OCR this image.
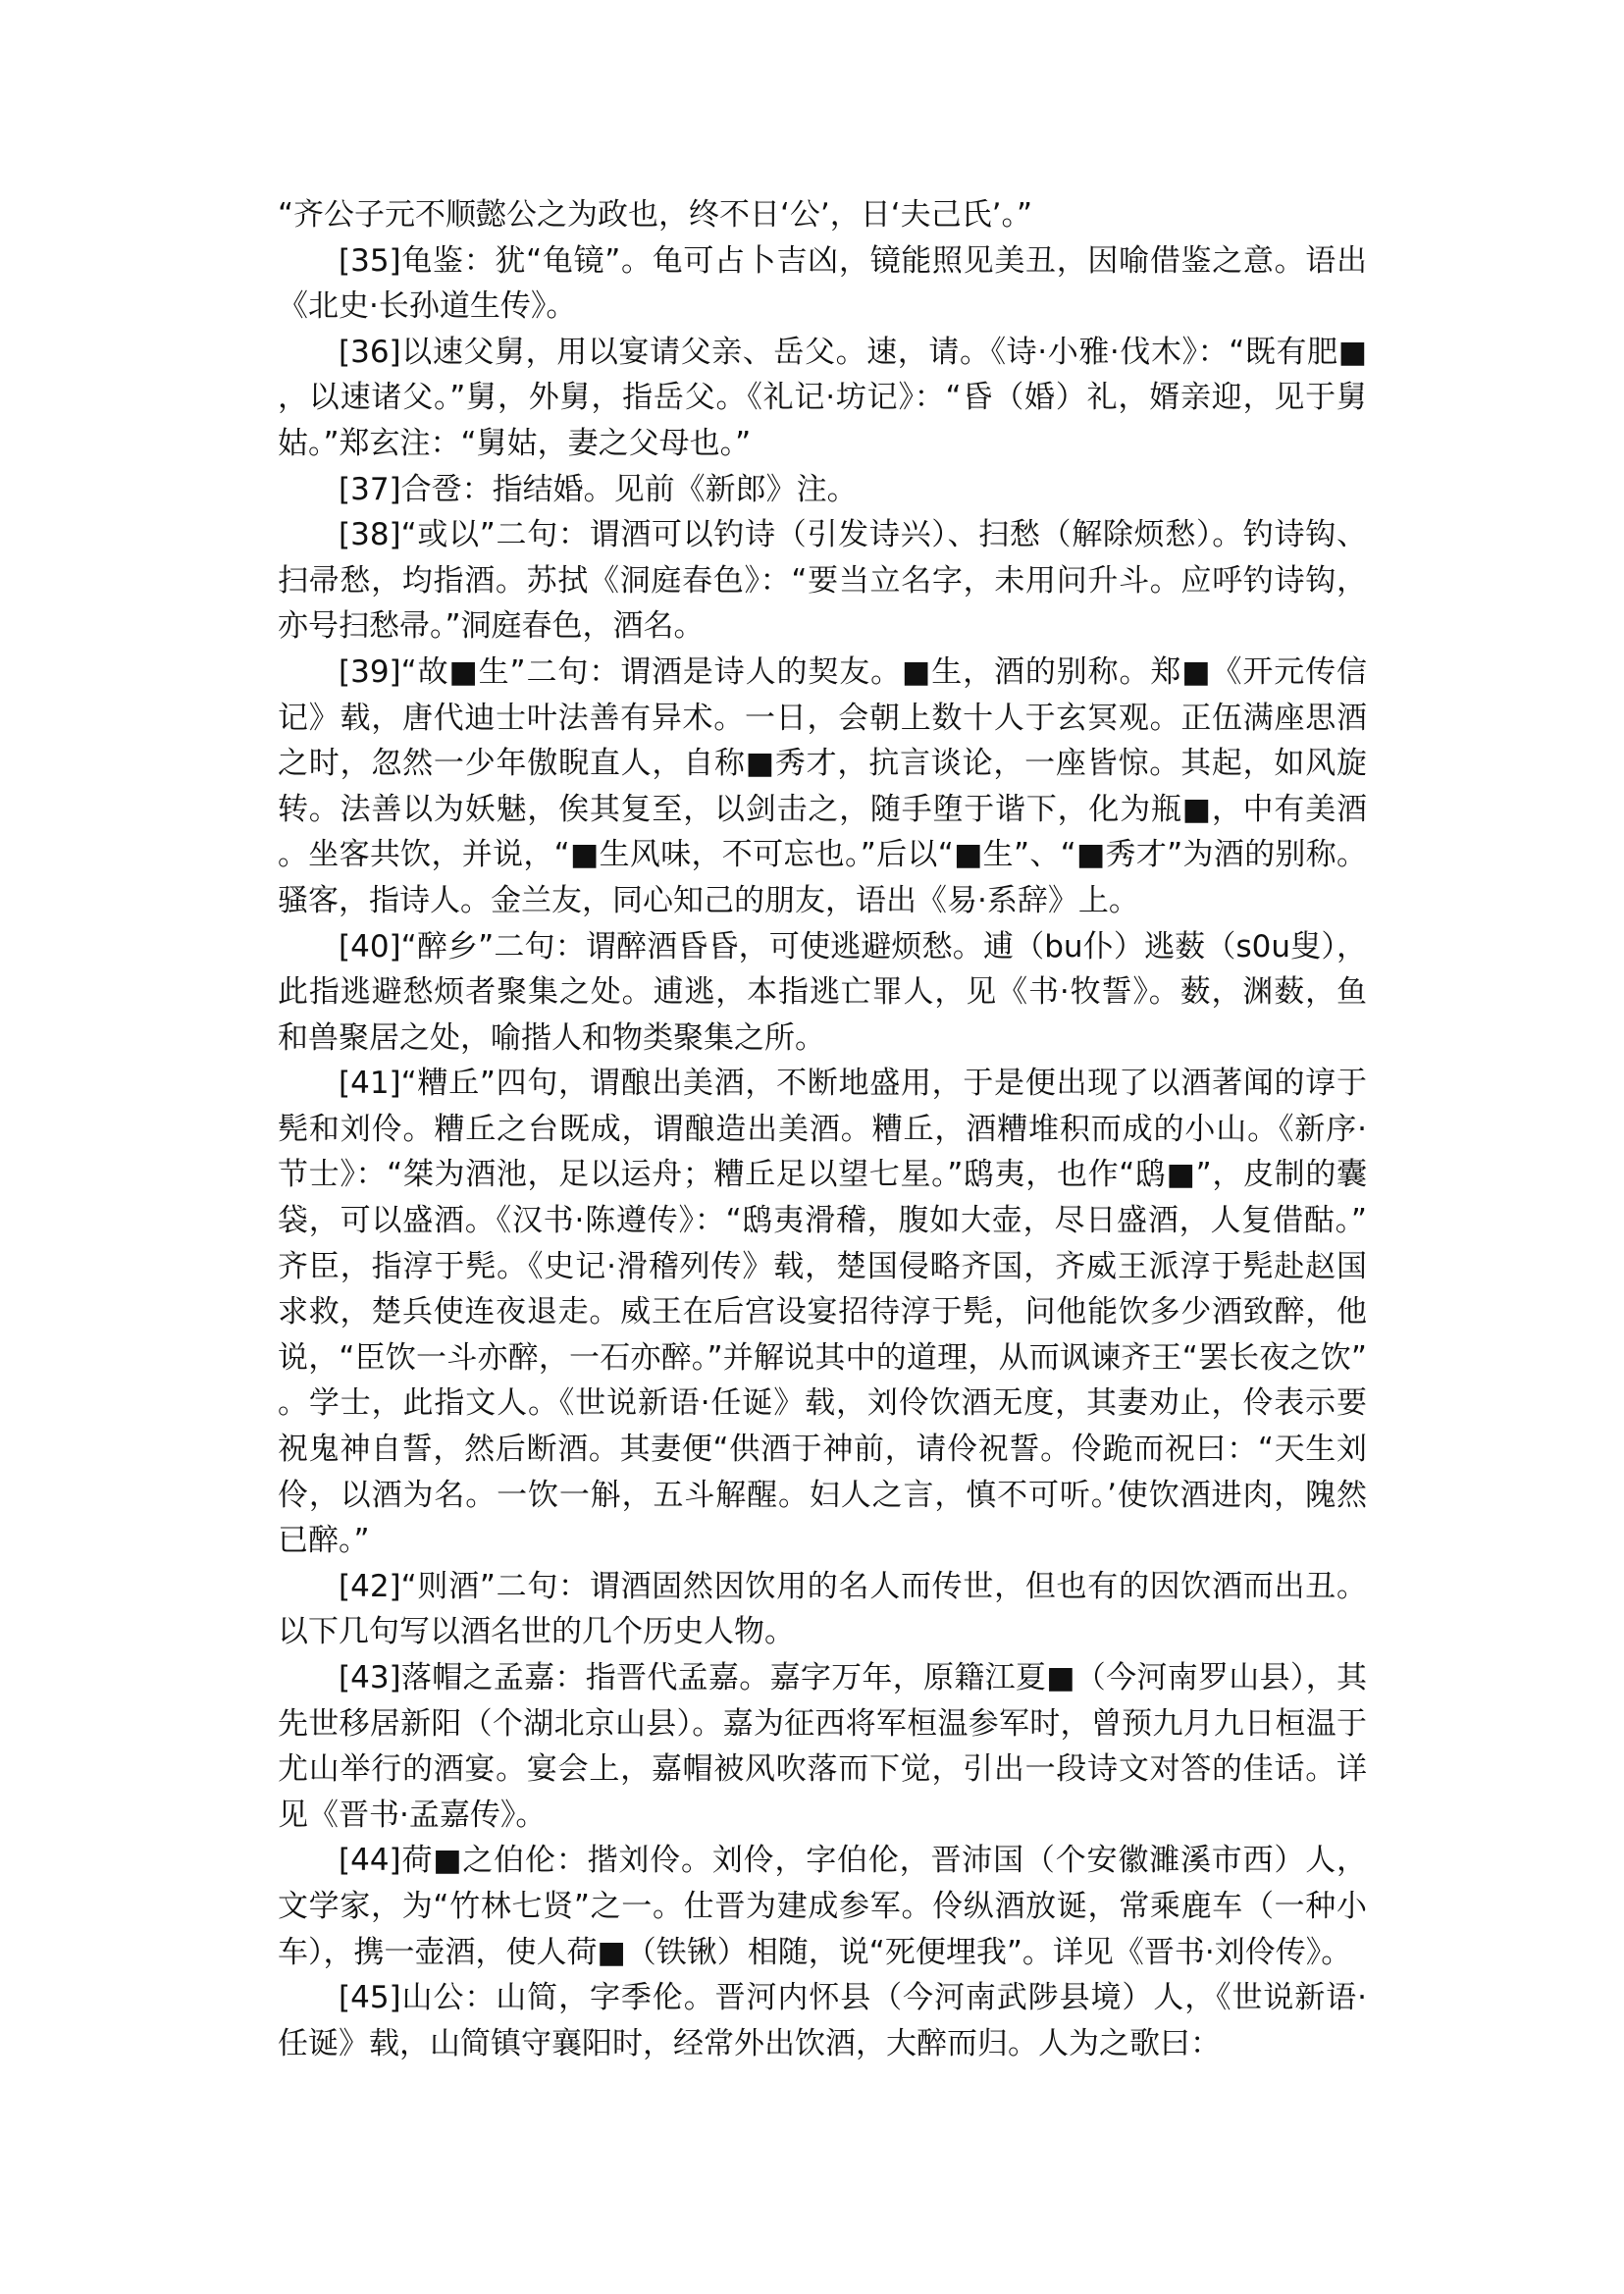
“齐公子元不顺懿公之为政也，终不日‘公’，日‘夫己氏’。”

[35]龟鉴：犹“龟镜”。龟可占卜吉凶，镜能照见美丑，因喻借鉴之意。语出《北史·长孙道生传》。

[36]以速父舅，用以宴请父亲、岳父。速，请。《诗·小雅·伐木》：“既有肥■，以速诸父。”舅，外舅，指岳父。《礼记·坊记》：“昏（婚）礼，婿亲迎，见于舅姑。”郑玄注：“舅姑，妻之父母也。”

[37]合卺：指结婚。见前《新郎》注。

[38]“或以”二句：谓酒可以钓诗（引发诗兴）、扫愁（解除烦愁）。钓诗钩、扫帚愁，均指酒。苏拭《洞庭春色》：“要当立名字，未用问升斗。应呼钓诗钩，亦号扫愁帚。”洞庭春色，酒名。

[39]“故■生”二句：谓酒是诗人的契友。■生，酒的别称。郑■《开元传信记》载，唐代迪士叶法善有异术。一日，会朝上数十人于玄冥观。正伍满座思酒之时，忽然一少年傲睨直人，自称■秀才，抗言谈论，一座皆惊。其起，如风旋转。法善以为妖魅，俟其复至，以剑击之，随手堕于谐下，化为瓶■，中有美酒。坐客共饮，并说，“■生风味，不可忘也。”后以“■生”、“■秀才”为酒的别称。骚客，指诗人。金兰友，同心知己的朋友，语出《易·系辞》上。

[40]“醉乡”二句：谓醉酒昏昏，可使逃避烦愁。逋（bu仆）逃薮（s0u叟），此指逃避愁烦者聚集之处。逋逃，本指逃亡罪人，见《书·牧誓》。薮，渊薮，鱼和兽聚居之处，喻揩人和物类聚集之所。

[41]“糟丘”四句，谓酿出美酒，不断地盛用，于是便出现了以酒著闻的谆于髡和刘伶。糟丘之台既成，谓酿造出美酒。糟丘，酒糟堆积而成的小山。《新序·节士》：“桀为酒池，足以运舟；糟丘足以望七星。”鸱夷，也作“鸱■”，皮制的囊袋，可以盛酒。《汉书·陈遵传》：“鸱夷滑稽，腹如大壶，尽日盛酒，人复借酤。”齐臣，指淳于髡。《史记·滑稽列传》载，楚国侵略齐国，齐威王派淳于髡赴赵国求救，楚兵使连夜退走。威王在后宫设宴招待淳于髡，问他能饮多少酒致醉，他说，“臣饮一斗亦醉，一石亦醉。”并解说其中的道理，从而讽谏齐王“罢长夜之饮”。学士，此指文人。《世说新语·任诞》载，刘伶饮酒无度，其妻劝止，伶表示要祝鬼神自誓，然后断酒。其妻便“供酒于神前，请伶祝誓。伶跪而祝曰：“天生刘伶，以酒为名。一饮一斛，五斗解醒。妇人之言，慎不可听。’使饮酒进肉，隗然已醉。”

[42]“则酒”二句：谓酒固然因饮用的名人而传世，但也有的因饮酒而出丑。以下几句写以酒名世的几个历史人物。

[43]落帽之孟嘉：指晋代孟嘉。嘉字万年，原籍江夏■（今河南罗山县），其先世移居新阳（个湖北京山县）。嘉为征西将军桓温参军时，曾预九月九日桓温于尤山举行的酒宴。宴会上，嘉帽被风吹落而下觉，引出一段诗文对答的佳话。详见《晋书·孟嘉传》。

[44]荷■之伯伦：揩刘伶。刘伶，字伯伦，晋沛国（个安徽濉溪市西）人，文学家，为“竹林七贤”之一。仕晋为建成参军。伶纵酒放诞，常乘鹿车（一种小车），携一壶酒，使人荷■（铁锹）相随，说“死便埋我”。详见《晋书·刘伶传》。

[45]山公：山简，字季伦。晋河内怀县（今河南武陟县境）人，《世说新语·任诞》载，山简镇守襄阳时，经常外出饮酒，大醉而归。人为之歌曰：
